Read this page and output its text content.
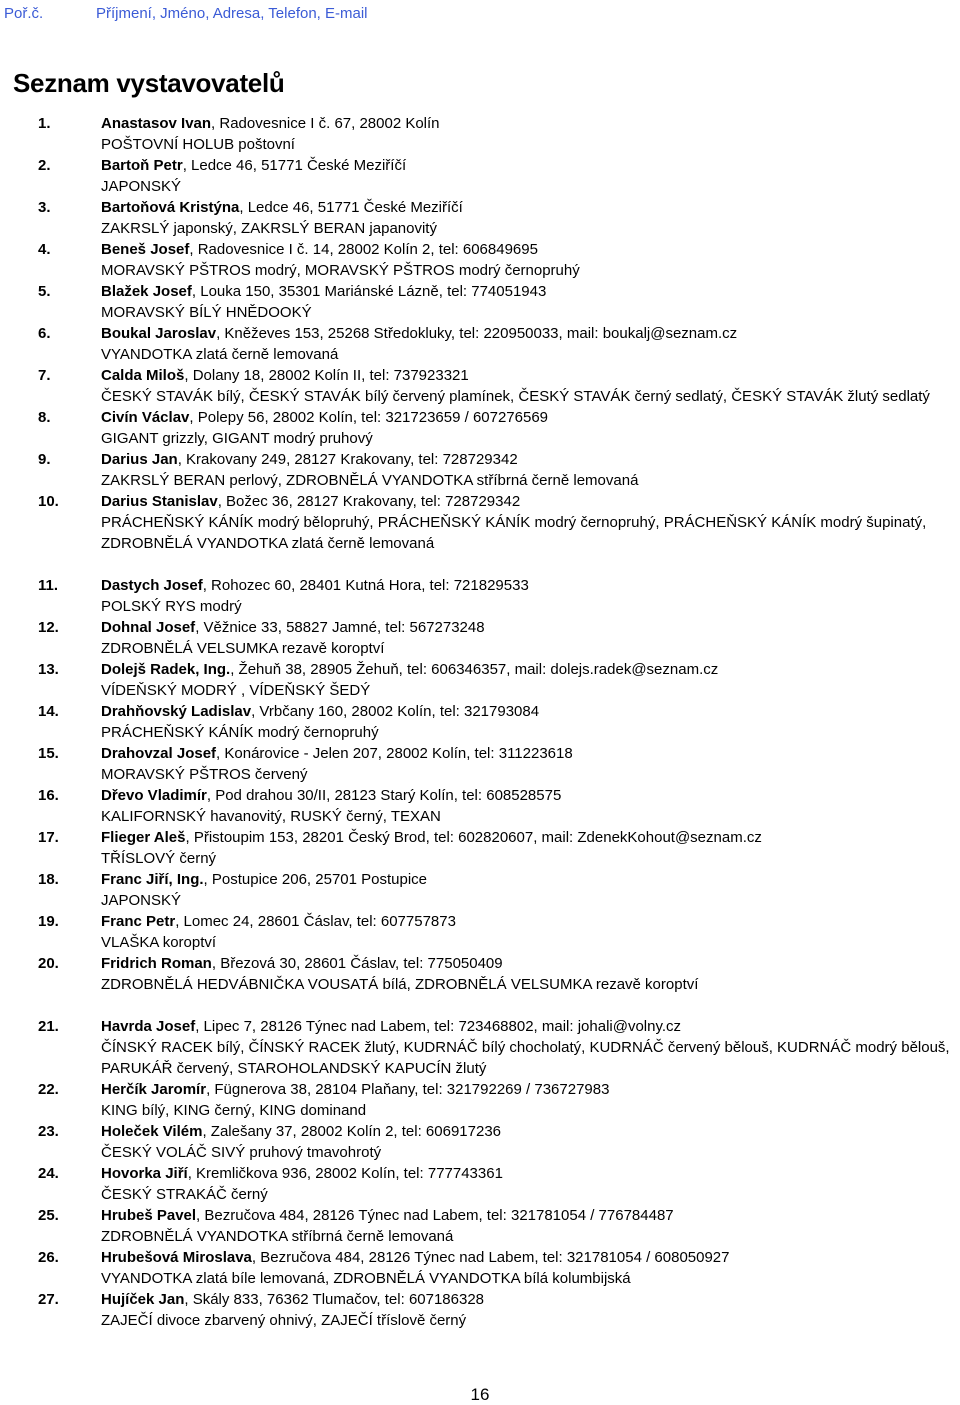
Poř.č.	Příjmení, Jméno, Adresa, Telefon, E-mail
Seznam vystavovatelů
1.	Anastasov Ivan, Radovesnice I č. 67, 28002 Kolín
POŠTOVNÍ HOLUB poštovní
2.	Bartoň Petr, Ledce 46, 51771 České Meziříčí
JAPONSKÝ
3.	Bartoňová Kristýna, Ledce 46, 51771 České Meziříčí
ZAKRSLÝ japonský, ZAKRSLÝ BERAN japanovitý
4.	Beneš Josef, Radovesnice I č. 14, 28002 Kolín 2, tel: 606849695
MORAVSKÝ PŠTROS modrý, MORAVSKÝ PŠTROS modrý černopruhý
5.	Blažek Josef, Louka 150, 35301 Mariánské Lázně, tel: 774051943
MORAVSKÝ BÍLÝ HNĚDOOKÝ
6.	Boukal Jaroslav, Kněževes 153, 25268 Středokluky, tel: 220950033, mail: boukalj@seznam.cz
VYANDOTKA zlatá černě lemovaná
7.	Calda Miloš, Dolany 18, 28002 Kolín II, tel: 737923321
ČESKÝ STAVÁK bílý, ČESKÝ STAVÁK bílý červený plamínek, ČESKÝ STAVÁK černý sedlatý, ČESKÝ STAVÁK žlutý sedlatý
8.	Civín Václav, Polepy 56, 28002 Kolín, tel: 321723659 / 607276569
GIGANT grizzly, GIGANT modrý pruhový
9.	Darius Jan, Krakovany 249, 28127 Krakovany, tel: 728729342
ZAKRSLÝ BERAN perlový, ZDROBNĚLÁ VYANDOTKA stříbrná černě lemovaná
10.	Darius Stanislav, Božec 36, 28127 Krakovany, tel: 728729342
PRÁCHEŇSKÝ KÁNÍK modrý bělopruhý, PRÁCHEŇSKÝ KÁNÍK modrý černopruhý, PRÁCHEŇSKÝ KÁNÍK modrý šupinatý,
ZDROBNĚLÁ VYANDOTKA zlatá černě lemovaná
11.	Dastych Josef, Rohozec 60, 28401 Kutná Hora, tel: 721829533
POLSKÝ RYS modrý
12.	Dohnal Josef, Věžnice 33, 58827 Jamné, tel: 567273248
ZDROBNĚLÁ VELSUMKA rezavě koroptví
13.	Dolejš Radek, Ing., Žehuň 38, 28905 Žehuň, tel: 606346357, mail: dolejs.radek@seznam.cz
VÍDEŇSKÝ MODRÝ , VÍDEŇSKÝ ŠEDÝ
14.	Drahňovský Ladislav, Vrbčany 160, 28002 Kolín, tel: 321793084
PRÁCHEŇSKÝ KÁNÍK modrý černopruhý
15.	Drahovzal Josef, Konárovice - Jelen 207, 28002 Kolín, tel: 311223618
MORAVSKÝ PŠTROS červený
16.	Dřevo Vladimír, Pod drahou 30/II, 28123 Starý Kolín, tel: 608528575
KALIFORNSKÝ havanovitý, RUSKÝ černý, TEXAN
17.	Flieger Aleš, Přistoupim 153, 28201 Český Brod, tel: 602820607, mail: ZdenekKohout@seznam.cz
TŘÍSLOVÝ černý
18.	Franc Jiří, Ing., Postupice 206, 25701 Postupice
JAPONSKÝ
19.	Franc Petr, Lomec 24, 28601 Čáslav, tel: 607757873
VLAŠKA koroptví
20.	Fridrich Roman, Březová 30, 28601 Čáslav, tel: 775050409
ZDROBNĚLÁ HEDVÁBNIČKA VOUSATÁ bílá, ZDROBNĚLÁ VELSUMKA rezavě koroptví
21.	Havrda Josef, Lipec 7, 28126 Týnec nad Labem, tel: 723468802, mail: johali@volny.cz
ČÍNSKÝ RACEK bílý, ČÍNSKÝ RACEK žlutý, KUDRNÁČ bílý chocholatý, KUDRNÁČ červený bělouš, KUDRNÁČ modrý bělouš,
PARUKÁŘ červený, STAROHOLANDSKÝ KAPUCÍN žlutý
22.	Herčík Jaromír, Fügnerova 38, 28104 Plaňany, tel: 321792269 / 736727983
KING bílý, KING černý, KING dominand
23.	Holeček Vilém, Zalešany 37, 28002 Kolín 2, tel: 606917236
ČESKÝ VOLÁČ SIVÝ pruhový tmavohrotý
24.	Hovorka Jiří, Kremličkova 936, 28002 Kolín, tel: 777743361
ČESKÝ STRAKÁČ černý
25.	Hrubeš Pavel, Bezručova 484, 28126 Týnec nad Labem, tel: 321781054 / 776784487
ZDROBNĚLÁ VYANDOTKA stříbrná černě lemovaná
26.	Hrubešová Miroslava, Bezručova 484, 28126 Týnec nad Labem, tel: 321781054 / 608050927
VYANDOTKA zlatá bíle lemovaná, ZDROBNĚLÁ VYANDOTKA bílá kolumbijská
27.	Hujíček Jan, Skály 833, 76362 Tlumačov, tel: 607186328
ZAJEČÍ divoce zbarvený ohnivý, ZAJEČÍ tříslově černý
16
